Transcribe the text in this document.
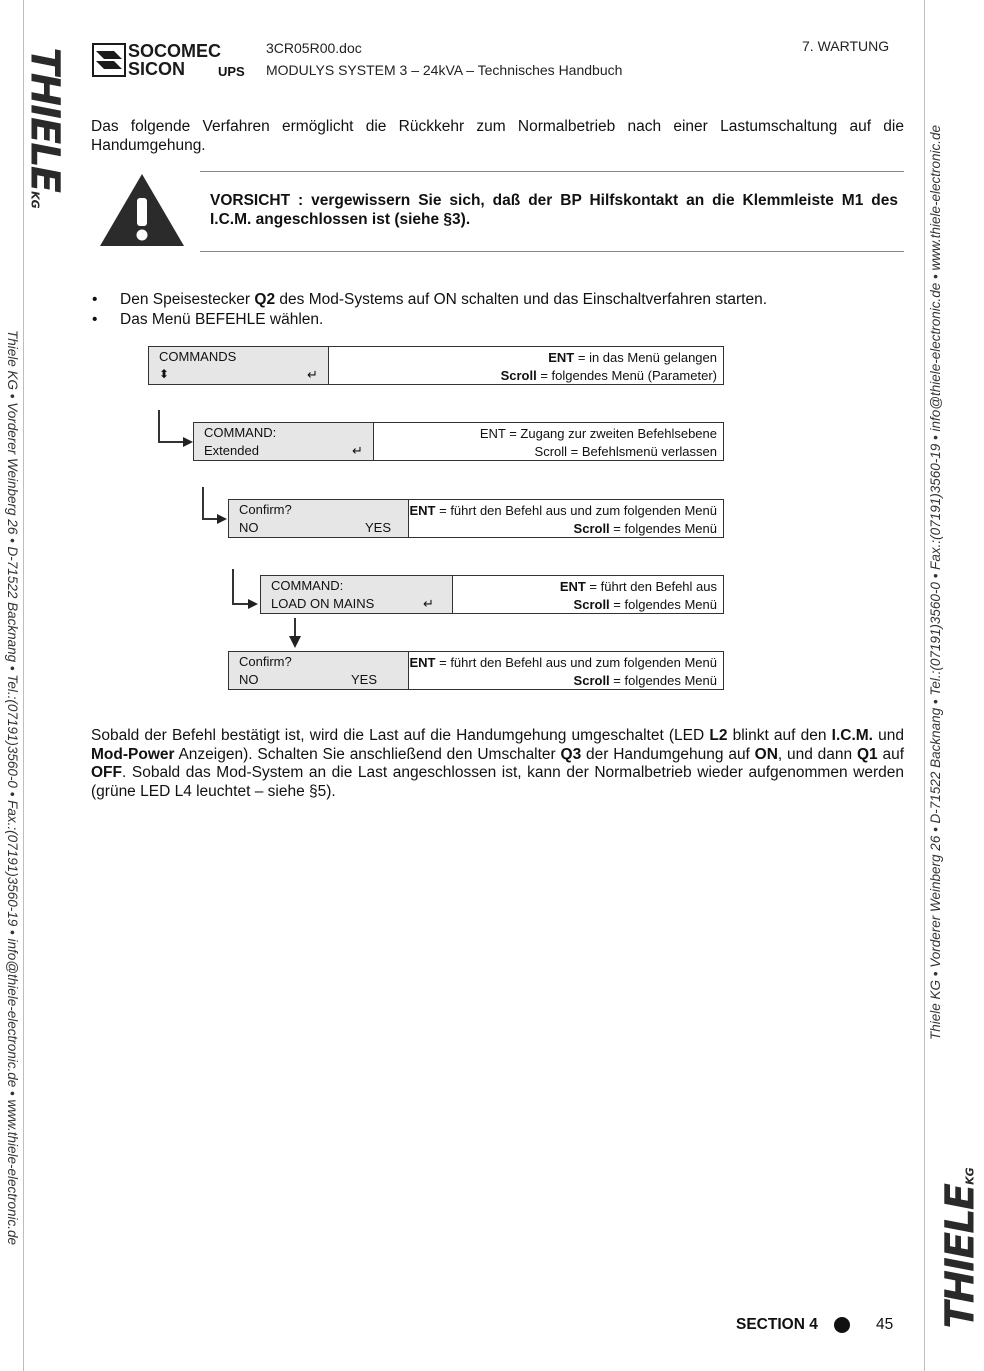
THIELEKG
Thiele KG • Vorderer Weinberg 26 • D-71522 Backnang • Tel.:(07191)3560-0 • Fax.:(07191)3560-19 • info@thiele-electronic.de • www.thiele-electronic.de	Thiele KG • Vorderer Weinberg 26 • D-71522 Backnang • Tel.:(07191)3560-0 • Fax.:(07191)3560-19 • info@thiele-electronic.de • www.thiele-electronic.de
THIELEKG
SOCOMEC
SICON	UPS
3CR05R00.doc
MODULYS SYSTEM 3 – 24kVA – Technisches Handbuch
7. WARTUNG
Das folgende Verfahren ermöglicht die Rückkehr zum Normalbetrieb nach einer Lastumschaltung auf die Handumgehung.
VORSICHT : vergewissern Sie sich, daß der BP Hilfskontakt an die Klemmleiste M1 des
I.C.M. angeschlossen ist (siehe §3).
• Den Speisestecker Q2 des Mod-Systems auf ON schalten und das Einschaltverfahren starten.
• Das Menü BEFEHLE wählen.
COMMANDS
⬍	↵
ENT = in das Menü gelangen
Scroll = folgendes Menü (Parameter)
COMMAND:
Extended	↵
ENT = Zugang zur zweiten Befehlsebene
Scroll = Befehlsmenü verlassen
Confirm?
NO	YES
ENT = führt den Befehl aus und zum folgenden Menü
Scroll = folgendes Menü
COMMAND:
LOAD ON MAINS	↵
ENT = führt den Befehl aus
Scroll = folgendes Menü
Confirm?
NO	YES
ENT = führt den Befehl aus und zum folgenden Menü
Scroll = folgendes Menü
Sobald der Befehl bestätigt ist, wird die Last auf die Handumgehung umgeschaltet (LED L2 blinkt auf den I.C.M. und Mod-Power Anzeigen). Schalten Sie anschließend den Umschalter Q3 der Handumgehung auf ON, und dann Q1 auf OFF. Sobald das Mod-System an die Last angeschlossen ist, kann der Normalbetrieb wieder aufgenommen werden (grüne LED L4 leuchtet – siehe §5).
SECTION 4	45
